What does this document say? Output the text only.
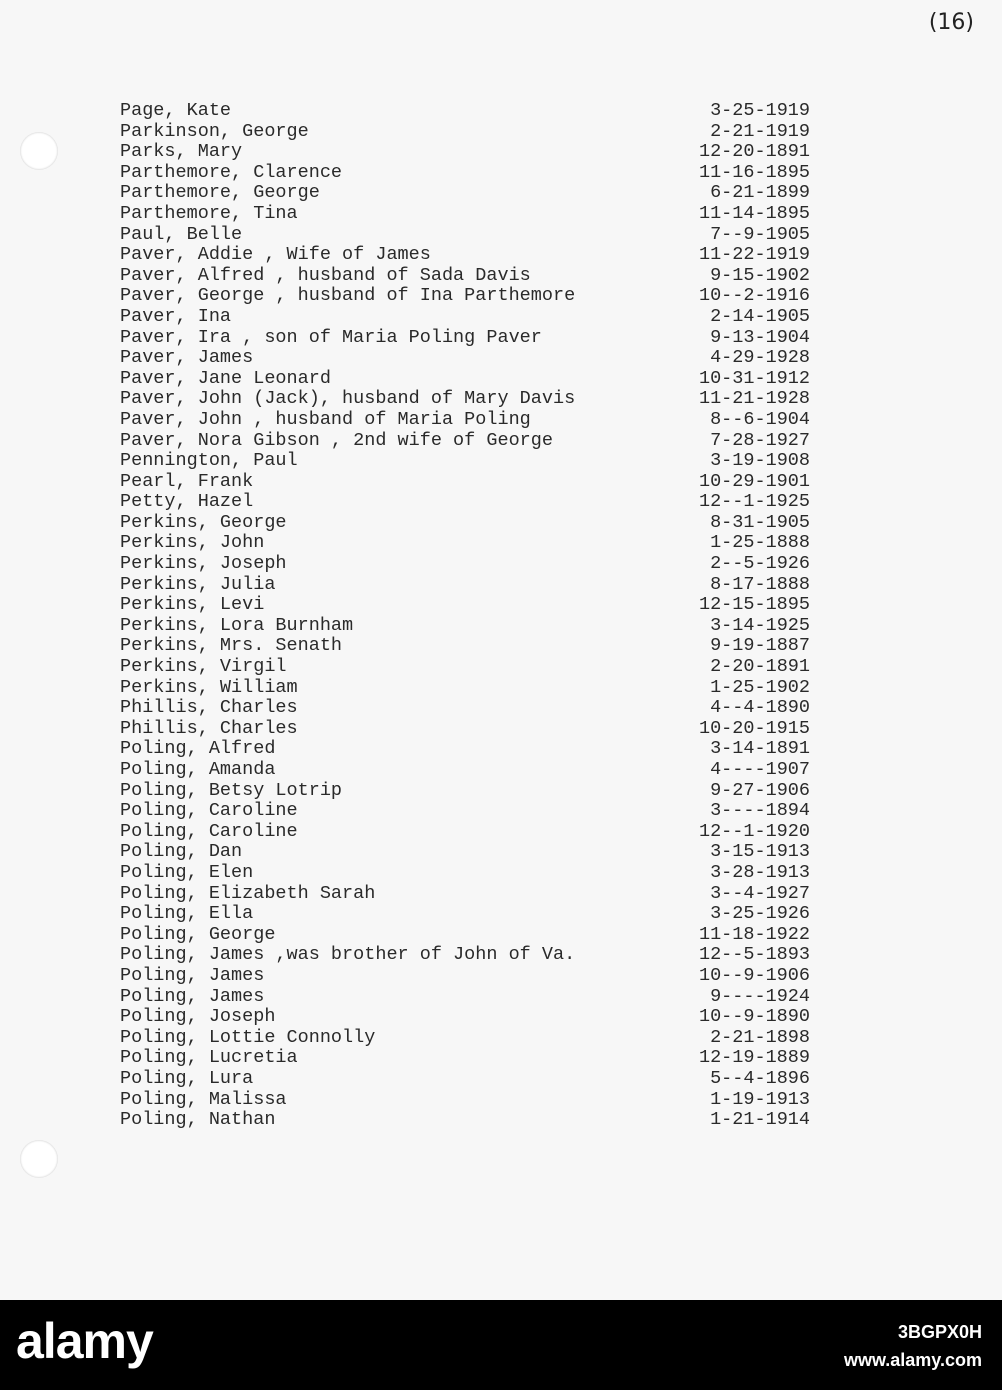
(16)
Page, Kate	3-25-1919
Parkinson, George	2-21-1919
Parks, Mary	12-20-1891
Parthemore, Clarence	11-16-1895
Parthemore, George	6-21-1899
Parthemore, Tina	11-14-1895
Paul, Belle	7--9-1905
Paver, Addie , Wife of James	11-22-1919
Paver, Alfred , husband of Sada Davis	9-15-1902
Paver, George , husband of Ina Parthemore	10--2-1916
Paver, Ina	2-14-1905
Paver, Ira , son of Maria Poling Paver	9-13-1904
Paver, James	4-29-1928
Paver, Jane Leonard	10-31-1912
Paver, John (Jack), husband of Mary Davis	11-21-1928
Paver, John , husband of Maria Poling	8--6-1904
Paver, Nora Gibson , 2nd wife of George	7-28-1927
Pennington, Paul	3-19-1908
Pearl, Frank	10-29-1901
Petty, Hazel	12--1-1925
Perkins, George	8-31-1905
Perkins, John	1-25-1888
Perkins, Joseph	2--5-1926
Perkins, Julia	8-17-1888
Perkins, Levi	12-15-1895
Perkins, Lora Burnham	3-14-1925
Perkins, Mrs. Senath	9-19-1887
Perkins, Virgil	2-20-1891
Perkins, William	1-25-1902
Phillis, Charles	4--4-1890
Phillis, Charles	10-20-1915
Poling, Alfred	3-14-1891
Poling, Amanda	4----1907
Poling, Betsy Lotrip	9-27-1906
Poling, Caroline	3----1894
Poling, Caroline	12--1-1920
Poling, Dan	3-15-1913
Poling, Elen	3-28-1913
Poling, Elizabeth Sarah	3--4-1927
Poling, Ella	3-25-1926
Poling, George	11-18-1922
Poling, James ,was brother of John of Va.	12--5-1893
Poling, James	10--9-1906
Poling, James	9----1924
Poling, Joseph	10--9-1890
Poling, Lottie Connolly	2-21-1898
Poling, Lucretia	12-19-1889
Poling, Lura	5--4-1896
Poling, Malissa	1-19-1913
Poling, Nathan	1-21-1914
alamy	3BGPX0H
www.alamy.com
